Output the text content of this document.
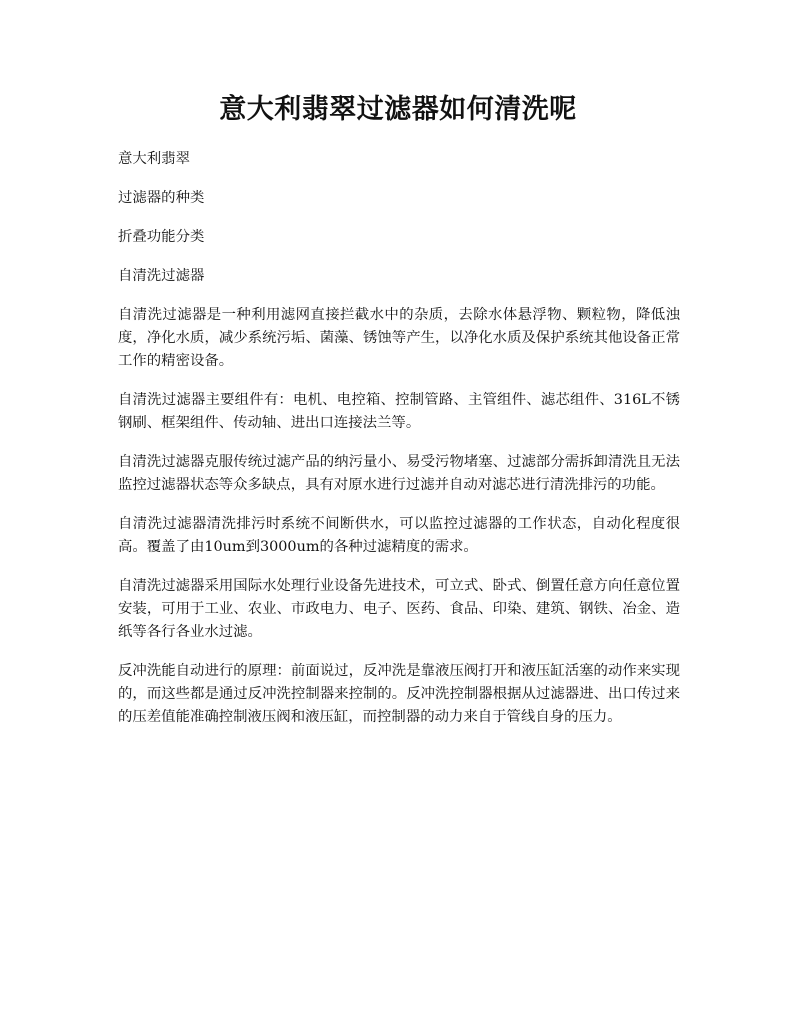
意大利翡翠过滤器如何清洗呢

意大利翡翠

过滤器的种类

折叠功能分类

自清洗过滤器

自清洗过滤器是一种利用滤网直接拦截水中的杂质，去除水体悬浮物、颗粒物，降低浊度，净化水质，减少系统污垢、菌藻、锈蚀等产生，以净化水质及保护系统其他设备正常工作的精密设备。

自清洗过滤器主要组件有：电机、电控箱、控制管路、主管组件、滤芯组件、316L不锈钢刷、框架组件、传动轴、进出口连接法兰等。

自清洗过滤器克服传统过滤产品的纳污量小、易受污物堵塞、过滤部分需拆卸清洗且无法监控过滤器状态等众多缺点，具有对原水进行过滤并自动对滤芯进行清洗排污的功能。

自清洗过滤器清洗排污时系统不间断供水，可以监控过滤器的工作状态，自动化程度很高。覆盖了由10um到3000um的各种过滤精度的需求。

自清洗过滤器采用国际水处理行业设备先进技术，可立式、卧式、倒置任意方向任意位置安装，可用于工业、农业、市政电力、电子、医药、食品、印染、建筑、钢铁、冶金、造纸等各行各业水过滤。

反冲洗能自动进行的原理：前面说过，反冲洗是靠液压阀打开和液压缸活塞的动作来实现的，而这些都是通过反冲洗控制器来控制的。反冲洗控制器根据从过滤器进、出口传过来的压差值能准确控制液压阀和液压缸，而控制器的动力来自于管线自身的压力。
